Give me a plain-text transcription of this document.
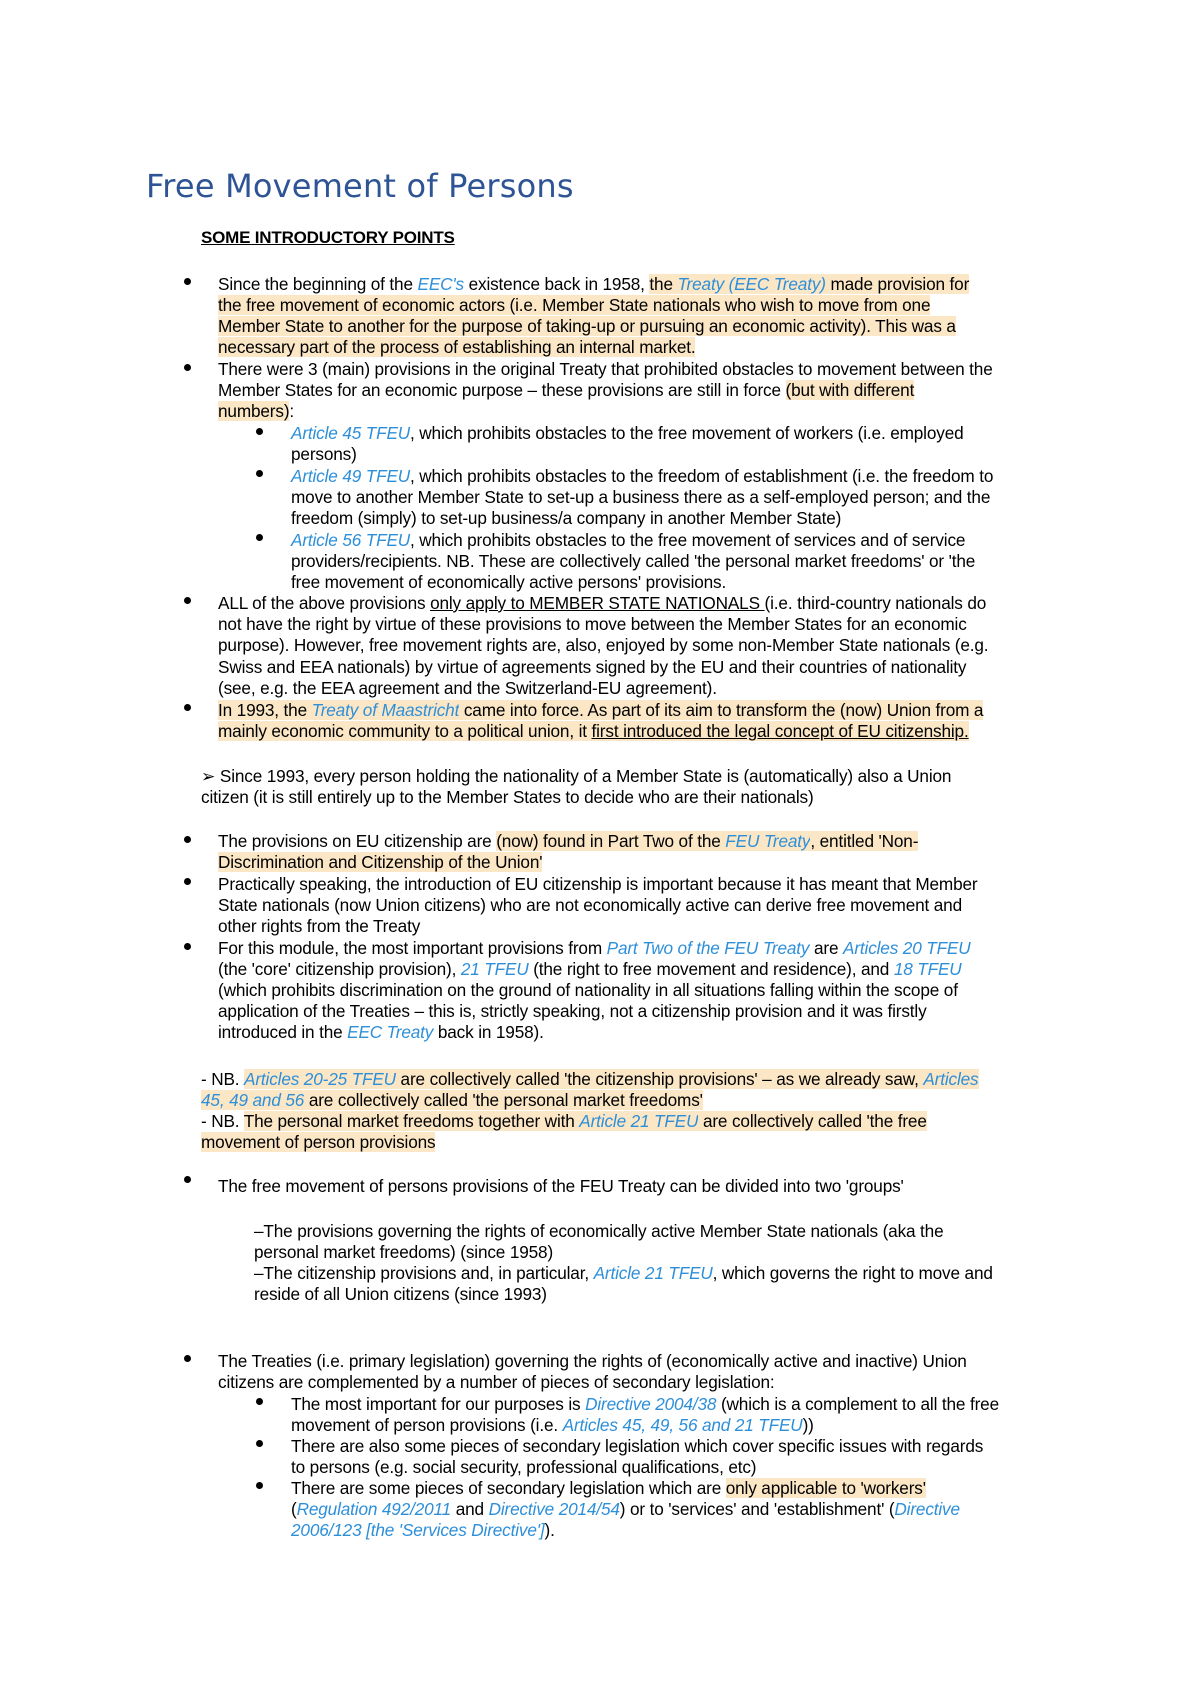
Free Movement of Persons
SOME INTRODUCTORY POINTS

Since the beginning of the EEC's existence back in 1958, the Treaty (EEC Treaty) made provision for

the free movement of economic actors (i.e. Member State nationals who wish to move from one

Member State to another for the purpose of taking-up or pursuing an economic activity). This was a

necessary part of the process of establishing an internal market.

There were 3 (main) provisions in the original Treaty that prohibited obstacles to movement between the

Member States for an economic purpose – these provisions are still in force (but with different

numbers):

Article 45 TFEU, which prohibits obstacles to the free movement of workers (i.e. employed

persons)

Article 49 TFEU, which prohibits obstacles to the freedom of establishment (i.e. the freedom to

move to another Member State to set-up a business there as a self-employed person; and the

freedom (simply) to set-up business/a company in another Member State)

Article 56 TFEU, which prohibits obstacles to the free movement of services and of service

providers/recipients. NB. These are collectively called 'the personal market freedoms' or 'the

free movement of economically active persons' provisions.

ALL of the above provisions only apply to MEMBER STATE NATIONALS (i.e. third-country nationals do

not have the right by virtue of these provisions to move between the Member States for an economic

purpose). However, free movement rights are, also, enjoyed by some non-Member State nationals (e.g.

Swiss and EEA nationals) by virtue of agreements signed by the EU and their countries of nationality

(see, e.g. the EEA agreement and the Switzerland-EU agreement).

In 1993, the Treaty of Maastricht came into force. As part of its aim to transform the (now) Union from a

mainly economic community to a political union, it first introduced the legal concept of EU citizenship.

➢ Since 1993, every person holding the nationality of a Member State is (automatically) also a Union

citizen (it is still entirely up to the Member States to decide who are their nationals)

The provisions on EU citizenship are (now) found in Part Two of the FEU Treaty, entitled 'Non-

Discrimination and Citizenship of the Union'

Practically speaking, the introduction of EU citizenship is important because it has meant that Member

State nationals (now Union citizens) who are not economically active can derive free movement and

other rights from the Treaty

For this module, the most important provisions from Part Two of the FEU Treaty are Articles 20 TFEU

(the 'core' citizenship provision), 21 TFEU (the right to free movement and residence), and 18 TFEU

(which prohibits discrimination on the ground of nationality in all situations falling within the scope of

application of the Treaties – this is, strictly speaking, not a citizenship provision and it was firstly

introduced in the EEC Treaty back in 1958).

- NB. Articles 20-25 TFEU are collectively called 'the citizenship provisions' – as we already saw, Articles

45, 49 and 56 are collectively called 'the personal market freedoms'

- NB. The personal market freedoms together with Article 21 TFEU are collectively called 'the free

movement of person provisions

The free movement of persons provisions of the FEU Treaty can be divided into two 'groups'

–The provisions governing the rights of economically active Member State nationals (aka the

personal market freedoms) (since 1958)

–The citizenship provisions and, in particular, Article 21 TFEU, which governs the right to move and

reside of all Union citizens (since 1993)

The Treaties (i.e. primary legislation) governing the rights of (economically active and inactive) Union

citizens are complemented by a number of pieces of secondary legislation:

The most important for our purposes is Directive 2004/38 (which is a complement to all the free

movement of person provisions (i.e. Articles 45, 49, 56 and 21 TFEU))

There are also some pieces of secondary legislation which cover specific issues with regards

to persons (e.g. social security, professional qualifications, etc)

There are some pieces of secondary legislation which are only applicable to 'workers'

(Regulation 492/2011 and Directive 2014/54) or to 'services' and 'establishment' (Directive

2006/123 [the 'Services Directive']).
